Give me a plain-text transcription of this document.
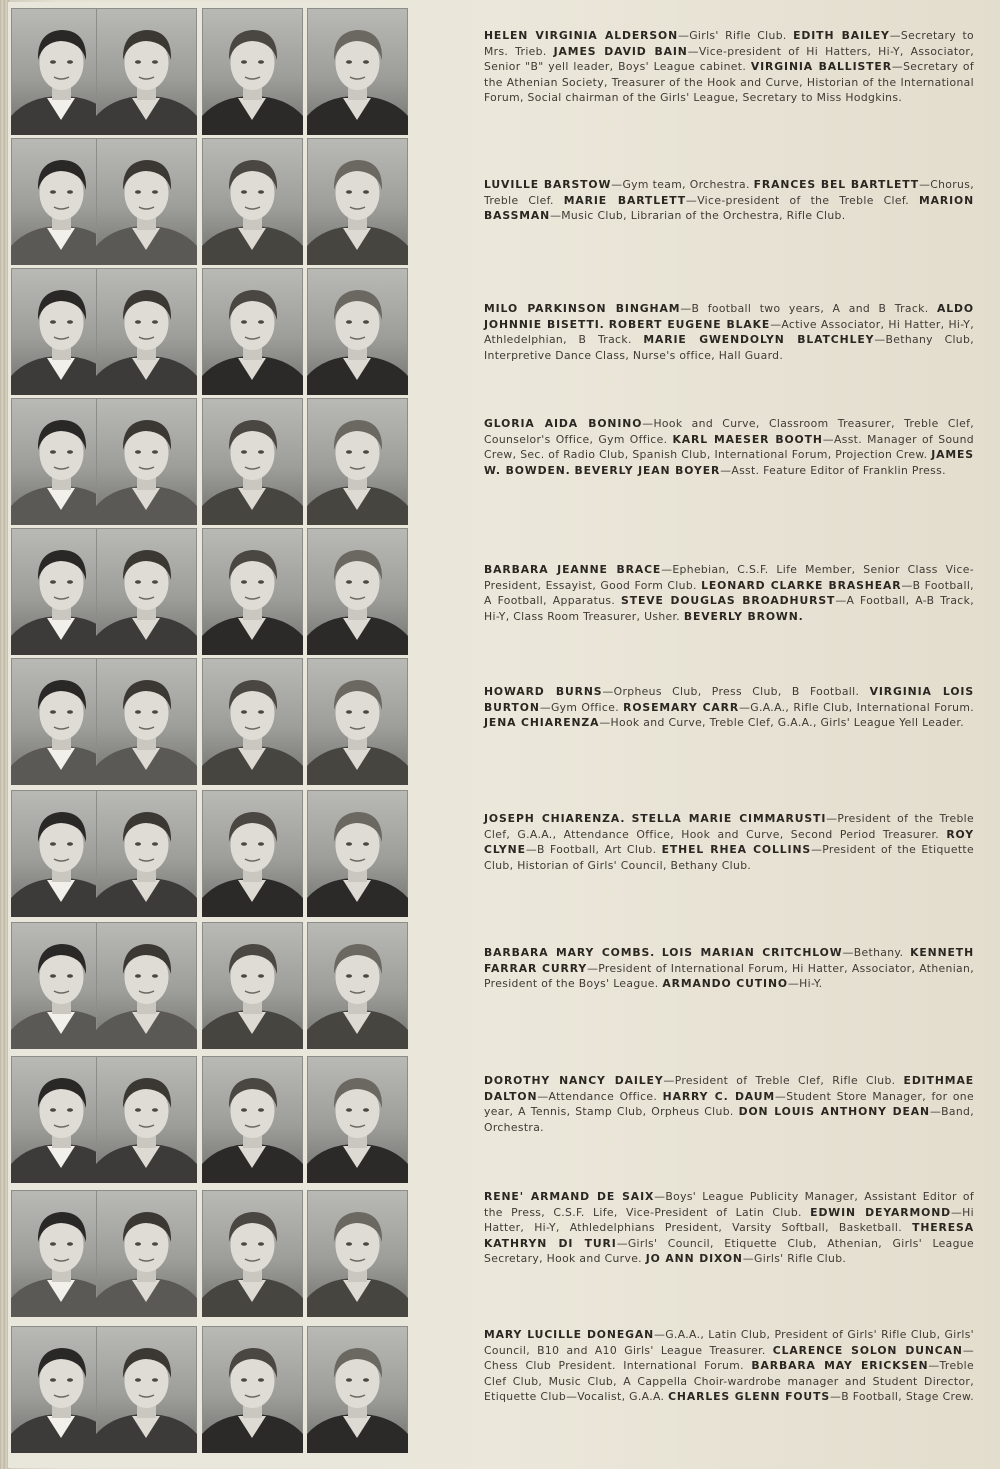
HELEN VIRGINIA ALDERSON—Girls' Rifle Club. EDITH BAILEY—Secretary to Mrs. Trieb. JAMES DAVID BAIN—Vice-president of Hi Hatters, Hi-Y, Associator, Senior "B" yell leader, Boys' League cabinet. VIRGINIA BALLISTER—Secretary of the Athenian Society, Treasurer of the Hook and Curve, Historian of the International Forum, Social chairman of the Girls' League, Secretary to Miss Hodgkins.
LUVILLE BARSTOW—Gym team, Orchestra. FRANCES BEL BARTLETT—Chorus, Treble Clef. MARIE BARTLETT—Vice-president of the Treble Clef. MARION BASSMAN—Music Club, Librarian of the Orchestra, Rifle Club.
MILO PARKINSON BINGHAM—B football two years, A and B Track. ALDO JOHNNIE BISETTI. ROBERT EUGENE BLAKE—Active Associator, Hi Hatter, Hi-Y, Athledelphian, B Track. MARIE GWENDOLYN BLATCHLEY—Bethany Club, Interpretive Dance Class, Nurse's office, Hall Guard.
GLORIA AIDA BONINO—Hook and Curve, Classroom Treasurer, Treble Clef, Counselor's Office, Gym Office. KARL MAESER BOOTH—Asst. Manager of Sound Crew, Sec. of Radio Club, Spanish Club, International Forum, Projection Crew. JAMES W. BOWDEN. BEVERLY JEAN BOYER—Asst. Feature Editor of Franklin Press.
BARBARA JEANNE BRACE—Ephebian, C.S.F. Life Member, Senior Class Vice-President, Essayist, Good Form Club. LEONARD CLARKE BRASHEAR—B Football, A Football, Apparatus. STEVE DOUGLAS BROADHURST—A Football, A-B Track, Hi-Y, Class Room Treasurer, Usher. BEVERLY BROWN.
HOWARD BURNS—Orpheus Club, Press Club, B Football. VIRGINIA LOIS BURTON—Gym Office. ROSEMARY CARR—G.A.A., Rifle Club, International Forum. JENA CHIARENZA—Hook and Curve, Treble Clef, G.A.A., Girls' League Yell Leader.
JOSEPH CHIARENZA. STELLA MARIE CIMMARUSTI—President of the Treble Clef, G.A.A., Attendance Office, Hook and Curve, Second Period Treasurer. ROY CLYNE—B Football, Art Club. ETHEL RHEA COLLINS—President of the Etiquette Club, Historian of Girls' Council, Bethany Club.
BARBARA MARY COMBS. LOIS MARIAN CRITCHLOW—Bethany. KENNETH FARRAR CURRY—President of International Forum, Hi Hatter, Associator, Athenian, President of the Boys' League. ARMANDO CUTINO—Hi-Y.
DOROTHY NANCY DAILEY—President of Treble Clef, Rifle Club. EDITHMAE DALTON—Attendance Office. HARRY C. DAUM—Student Store Manager, for one year, A Tennis, Stamp Club, Orpheus Club. DON LOUIS ANTHONY DEAN—Band, Orchestra.
RENE' ARMAND DE SAIX—Boys' League Publicity Manager, Assistant Editor of the Press, C.S.F. Life, Vice-President of Latin Club. EDWIN DEYARMOND—Hi Hatter, Hi-Y, Athledelphians President, Varsity Softball, Basketball. THERESA KATHRYN DI TURI—Girls' Council, Etiquette Club, Athenian, Girls' League Secretary, Hook and Curve. JO ANN DIXON—Girls' Rifle Club.
MARY LUCILLE DONEGAN—G.A.A., Latin Club, President of Girls' Rifle Club, Girls' Council, B10 and A10 Girls' League Treasurer. CLARENCE SOLON DUNCAN—Chess Club President. International Forum. BARBARA MAY ERICKSEN—Treble Clef Club, Music Club, A Cappella Choir-wardrobe manager and Student Director, Etiquette Club—Vocalist, G.A.A. CHARLES GLENN FOUTS—B Football, Stage Crew.
